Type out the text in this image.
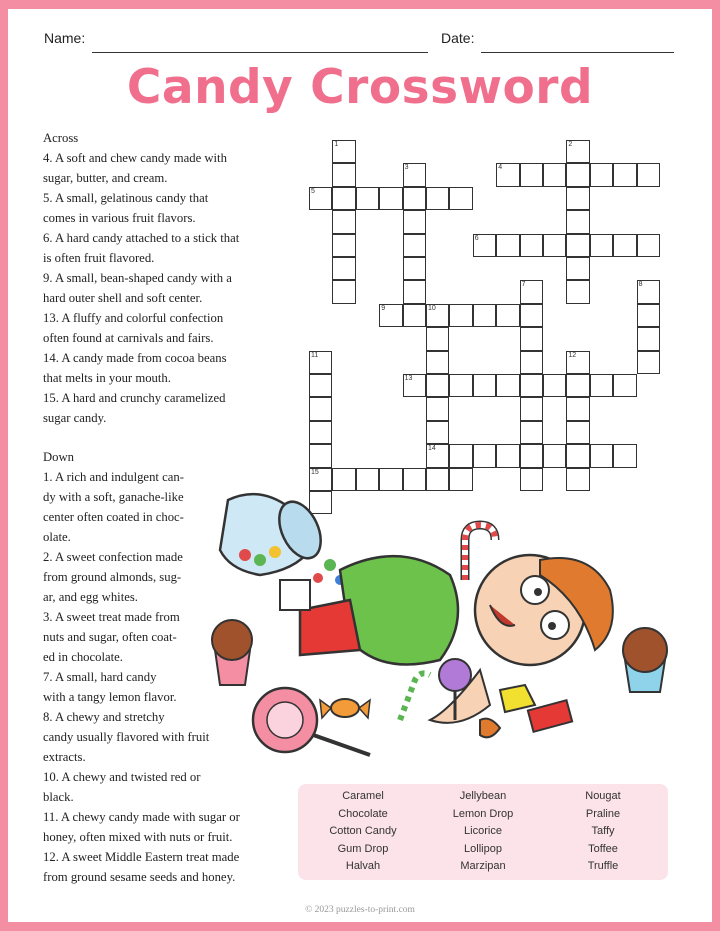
Name:	Date:
Candy Crossword
Across
4. A soft and chew candy made with
sugar, butter, and cream.
5. A small, gelatinous candy that
comes in various fruit flavors.
6. A hard candy attached to a stick that
is often fruit flavored.
9. A small, bean-shaped candy with a
hard outer shell and soft center.
13. A fluffy and colorful confection
often found at carnivals and fairs.
14. A candy made from cocoa beans
that melts in your mouth.
15. A hard and crunchy caramelized
sugar candy.
Down
1. A rich and indulgent can-
dy with a soft, ganache-like
center often coated in choc-
olate.
2. A sweet confection made
from ground almonds, sug-
ar, and egg whites.
3. A sweet treat made from
nuts and sugar, often coat-
ed in chocolate.
7. A small, hard candy
with a tangy lemon flavor.
8. A chewy and stretchy
candy usually flavored with fruit
extracts.
10. A chewy and twisted red or
black.
11. A chewy candy made with sugar or
honey, often mixed with nuts or fruit.
12. A sweet Middle Eastern treat made
from ground sesame seeds and honey.
1	2
3	4
5
6
7	8
9	10
14
11
15
12
13
Caramel
Chocolate
Cotton Candy
Gum Drop
Halvah
Jellybean
Lemon Drop
Licorice
Lollipop
Marzipan
Nougat
Praline
Taffy
Toffee
Truffle
© 2023 puzzles-to-print.com
